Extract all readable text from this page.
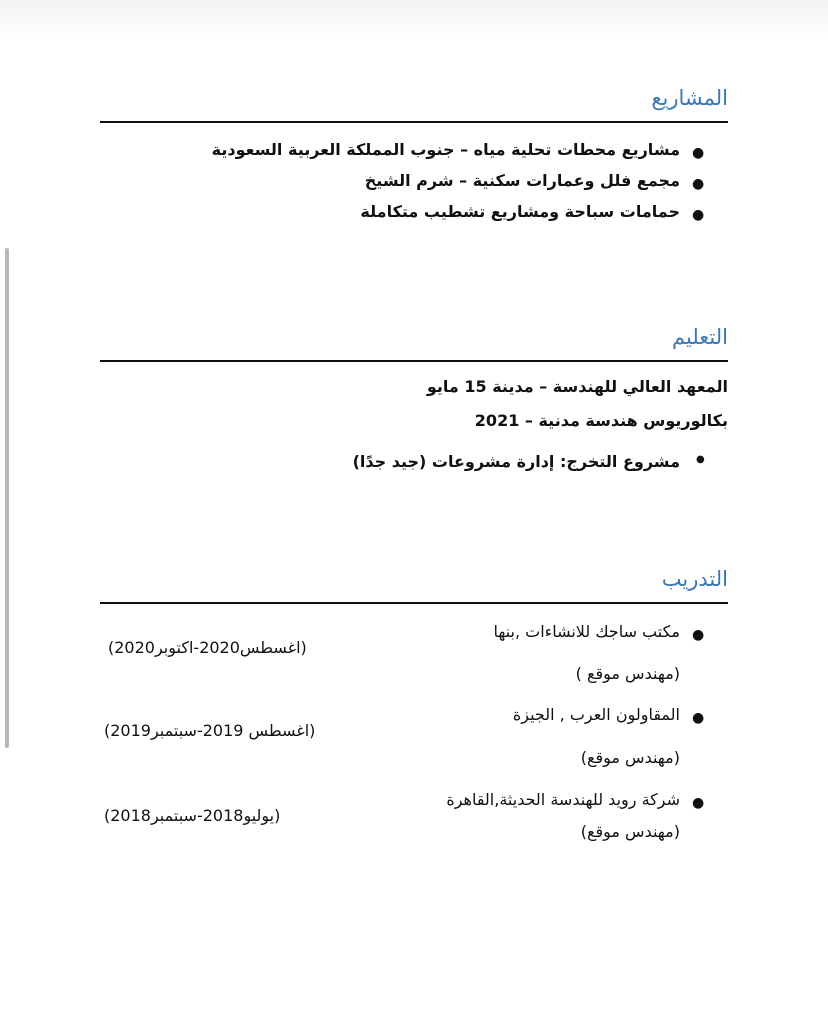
المشاريع
●

مشاريع محطات تحلية مياه – جنوب المملكة العربية السعودية

●

مجمع فلل وعمارات سكنية – شرم الشيخ

●

حمامات سباحة ومشاريع تشطيب متكاملة

التعليم

المعهد العالي للهندسة – مدينة 15 مايو

بكالوريوس هندسة مدنية – 2021

●

مشروع التخرج: إدارة مشروعات (جيد جدًا)

التدريب
●

مكتب ساجك للانشاءات ,بنها

(اغسطس2020-اكتوبر2020)

(مهندس موقع )

●

المقاولون العرب , الجيزة

(اغسطس 2019-سبتمبر2019)

(مهندس موقع)

●

شركة رويد للهندسة الحديثة,القاهرة

(يوليو2018-سبتمبر2018)

(مهندس موقع)
